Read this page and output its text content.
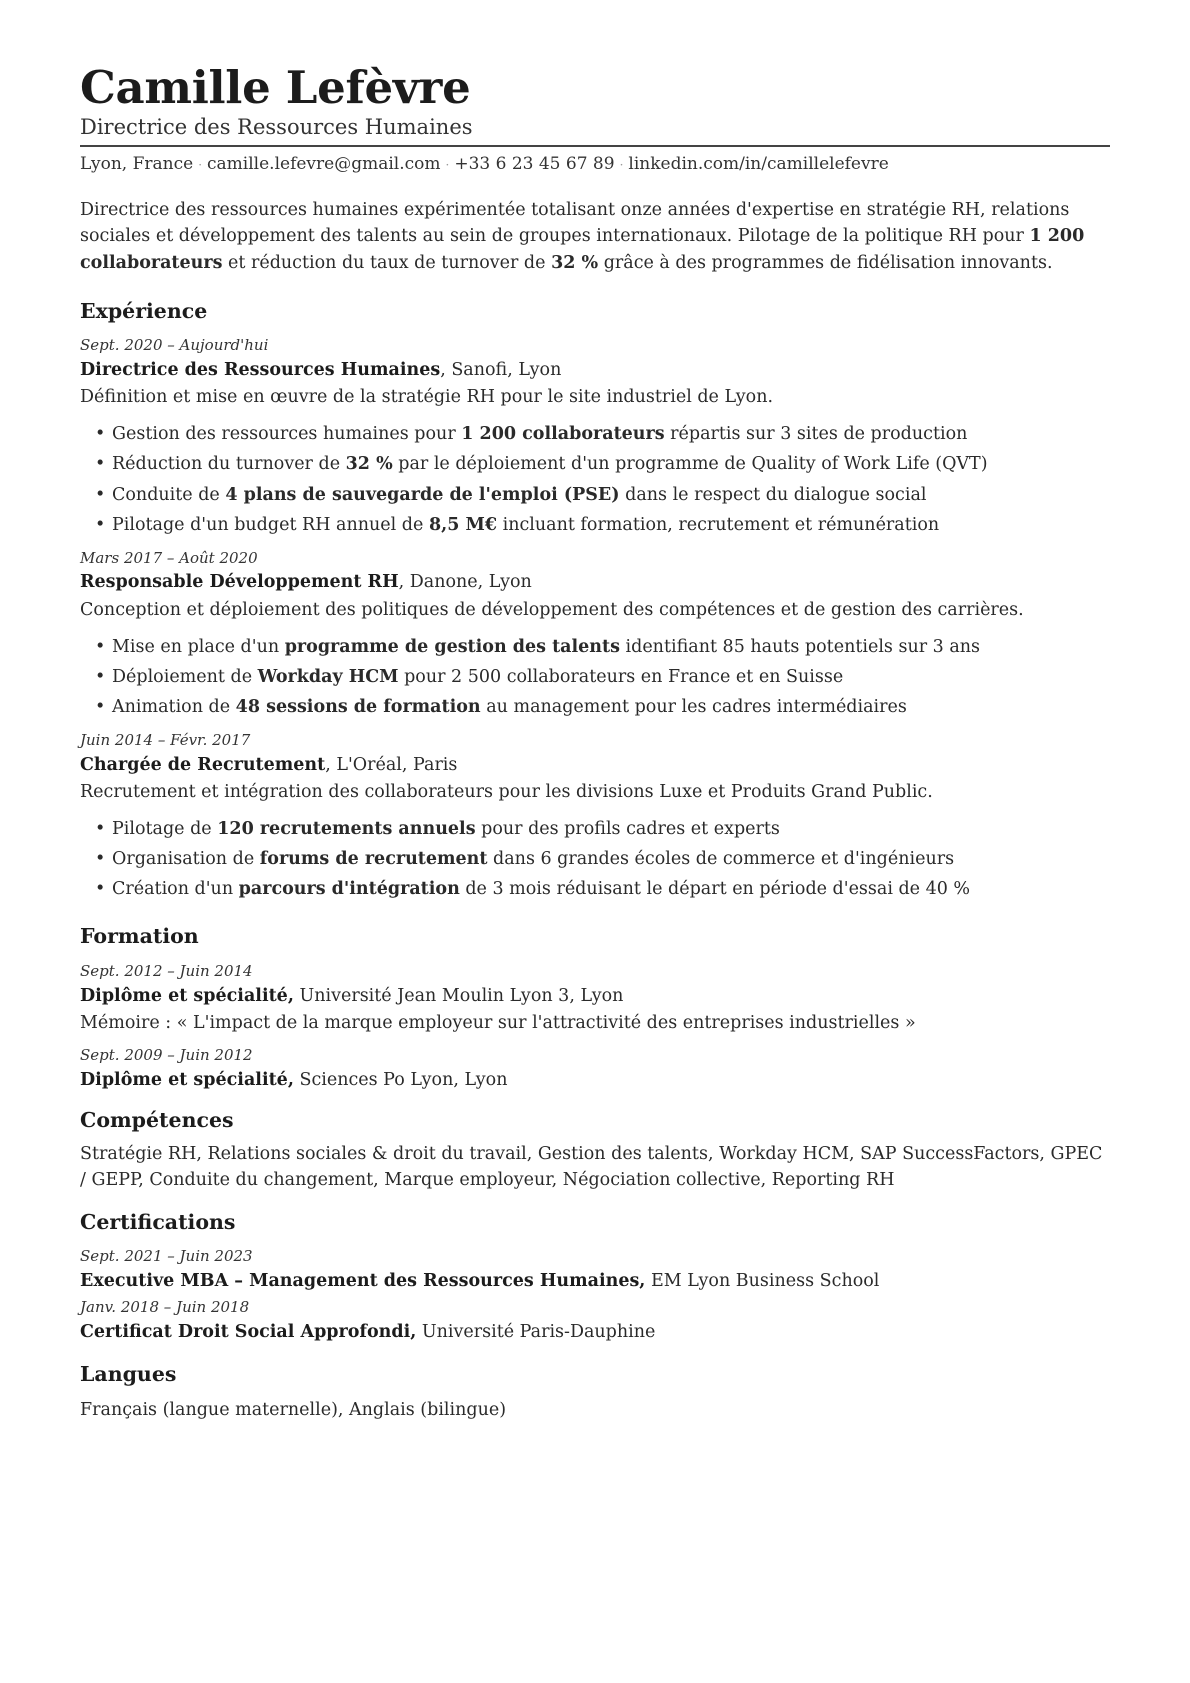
Camille Lefèvre
Directrice des Ressources Humaines
Lyon, France · camille.lefevre@gmail.com · +33 6 23 45 67 89 · linkedin.com/in/camillelefevre
Directrice des ressources humaines expérimentée totalisant onze années d'expertise en stratégie RH, relations sociales et développement des talents au sein de groupes internationaux. Pilotage de la politique RH pour 1 200 collaborateurs et réduction du taux de turnover de 32 % grâce à des programmes de fidélisation innovants.
Expérience
Sept. 2020 – Aujourd'hui
Directrice des Ressources Humaines, Sanofi, Lyon
Définition et mise en œuvre de la stratégie RH pour le site industriel de Lyon.
• Gestion des ressources humaines pour 1 200 collaborateurs répartis sur 3 sites de production
• Réduction du turnover de 32 % par le déploiement d'un programme de Quality of Work Life (QVT)
• Conduite de 4 plans de sauvegarde de l'emploi (PSE) dans le respect du dialogue social
• Pilotage d'un budget RH annuel de 8,5 M€ incluant formation, recrutement et rémunération
Mars 2017 – Août 2020
Responsable Développement RH, Danone, Lyon
Conception et déploiement des politiques de développement des compétences et de gestion des carrières.
• Mise en place d'un programme de gestion des talents identifiant 85 hauts potentiels sur 3 ans
• Déploiement de Workday HCM pour 2 500 collaborateurs en France et en Suisse
• Animation de 48 sessions de formation au management pour les cadres intermédiaires
Juin 2014 – Févr. 2017
Chargée de Recrutement, L'Oréal, Paris
Recrutement et intégration des collaborateurs pour les divisions Luxe et Produits Grand Public.
• Pilotage de 120 recrutements annuels pour des profils cadres et experts
• Organisation de forums de recrutement dans 6 grandes écoles de commerce et d'ingénieurs
• Création d'un parcours d'intégration de 3 mois réduisant le départ en période d'essai de 40 %
Formation
Sept. 2012 – Juin 2014
Diplôme et spécialité, Université Jean Moulin Lyon 3, Lyon
Mémoire : « L'impact de la marque employeur sur l'attractivité des entreprises industrielles »
Sept. 2009 – Juin 2012
Diplôme et spécialité, Sciences Po Lyon, Lyon
Compétences
Stratégie RH, Relations sociales & droit du travail, Gestion des talents, Workday HCM, SAP SuccessFactors, GPEC / GEPP, Conduite du changement, Marque employeur, Négociation collective, Reporting RH
Certifications
Sept. 2021 – Juin 2023
Executive MBA – Management des Ressources Humaines, EM Lyon Business School
Janv. 2018 – Juin 2018
Certificat Droit Social Approfondi, Université Paris-Dauphine
Langues
Français (langue maternelle), Anglais (bilingue)
